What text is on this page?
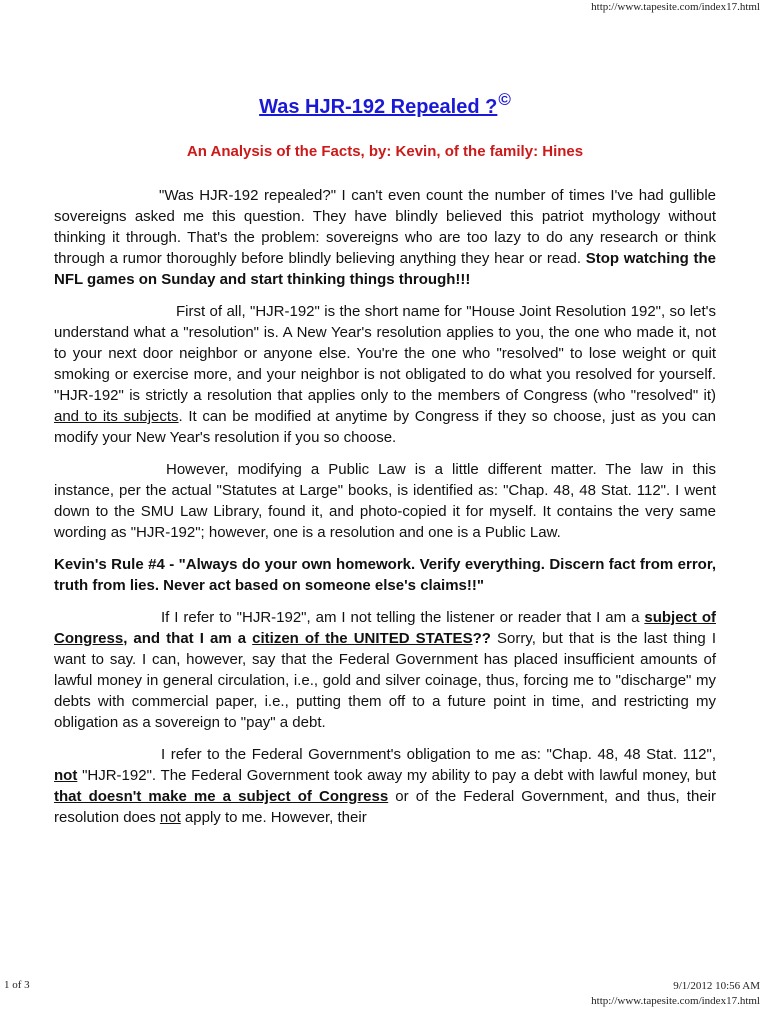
http://www.tapesite.com/index17.html
Was HJR-192 Repealed ?©
An Analysis of the Facts, by: Kevin, of the family: Hines

"Was HJR-192 repealed?" I can't even count the number of times I've had gullible sovereigns asked me this question. They have blindly believed this patriot mythology without thinking it through. That's the problem: sovereigns who are too lazy to do any research or think through a rumor thoroughly before blindly believing anything they hear or read. Stop watching the NFL games on Sunday and start thinking things through!!!

First of all, "HJR-192" is the short name for "House Joint Resolution 192", so let's understand what a "resolution" is. A New Year's resolution applies to you, the one who made it, not to your next door neighbor or anyone else. You're the one who "resolved" to lose weight or quit smoking or exercise more, and your neighbor is not obligated to do what you resolved for yourself. "HJR-192" is strictly a resolution that applies only to the members of Congress (who "resolved" it) and to its subjects. It can be modified at anytime by Congress if they so choose, just as you can modify your New Year's resolution if you so choose.

However, modifying a Public Law is a little different matter. The law in this instance, per the actual "Statutes at Large" books, is identified as: "Chap. 48, 48 Stat. 112". I went down to the SMU Law Library, found it, and photo-copied it for myself. It contains the very same wording as "HJR-192"; however, one is a resolution and one is a Public Law.

Kevin's Rule #4 - "Always do your own homework. Verify everything. Discern fact from error, truth from lies. Never act based on someone else's claims!!"

If I refer to "HJR-192", am I not telling the listener or reader that I am a subject of Congress, and that I am a citizen of the UNITED STATES?? Sorry, but that is the last thing I want to say. I can, however, say that the Federal Government has placed insufficient amounts of lawful money in general circulation, i.e., gold and silver coinage, thus, forcing me to "discharge" my debts with commercial paper, i.e., putting them off to a future point in time, and restricting my obligation as a sovereign to "pay" a debt.

I refer to the Federal Government's obligation to me as: "Chap. 48, 48 Stat. 112", not "HJR-192". The Federal Government took away my ability to pay a debt with lawful money, but that doesn't make me a subject of Congress or of the Federal Government, and thus, their resolution does not apply to me. However, their

1 of 3	9/1/2012 10:56 AM
http://www.tapesite.com/index17.html
